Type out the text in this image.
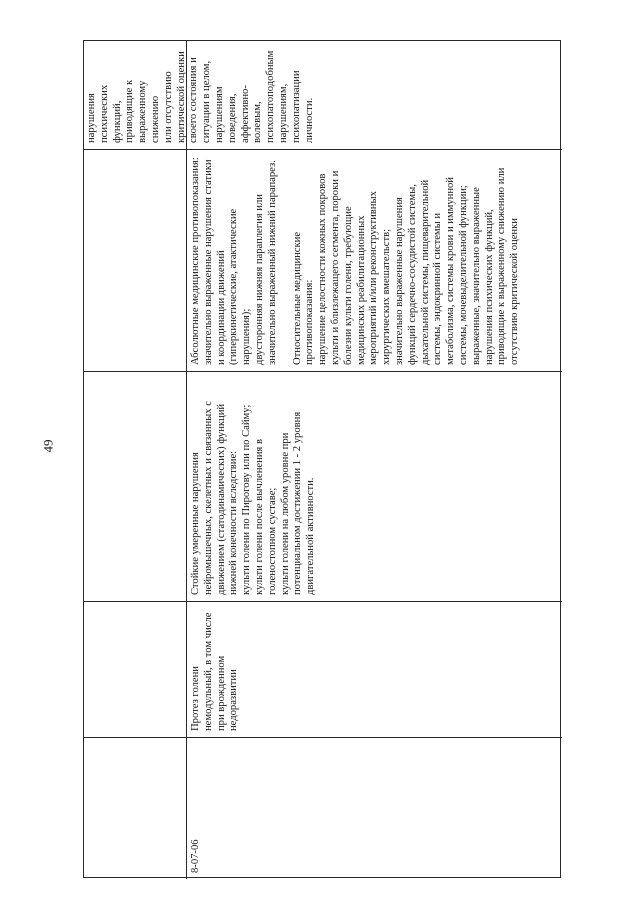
49
нарушения психических функций, приводящие к выраженному снижению или отсутствию критической оценки своего состояния и ситуации в целом, нарушениям поведения, аффективно- волевым, психопатоподобным нарушениям, психопатизации личности.
8-07-06
Протез голени немодульный, в том числе при врожденном недоразвитии
Стойкие умеренные нарушения нейромышечных, скелетных и связанных с движением (статодинамических) функций нижней конечности вследствие: культи голени по Пирогову или по Сайму; культи голени после вычленения в голеностопном суставе; культи голени на любом уровне при потенциальном достижении 1 - 2 уровня двигательной активности.
Абсолютные медицинские противопоказания: значительно выраженные нарушения статики и координации движений (гиперкинетические, атактические нарушения); двусторонняя нижняя параплегия или значительно выраженный нижний парапарез. Относительные медицинские противопоказания: нарушение целостности кожных покровов культи и близлежащего сегмента, пороки и болезни культи голени, требующие медицинских реабилитационных мероприятий и/или реконструктивных хирургических вмешательств; значительно выраженные нарушения функций сердечно-сосудистой системы, дыхательной системы, пищеварительной системы, эндокринной системы и метаболизма, системы крови и иммунной системы, мочевыделительной функции; выраженные, значительно выраженные нарушения психических функций, приводящие к выраженному снижению или отсутствию критической оценки
